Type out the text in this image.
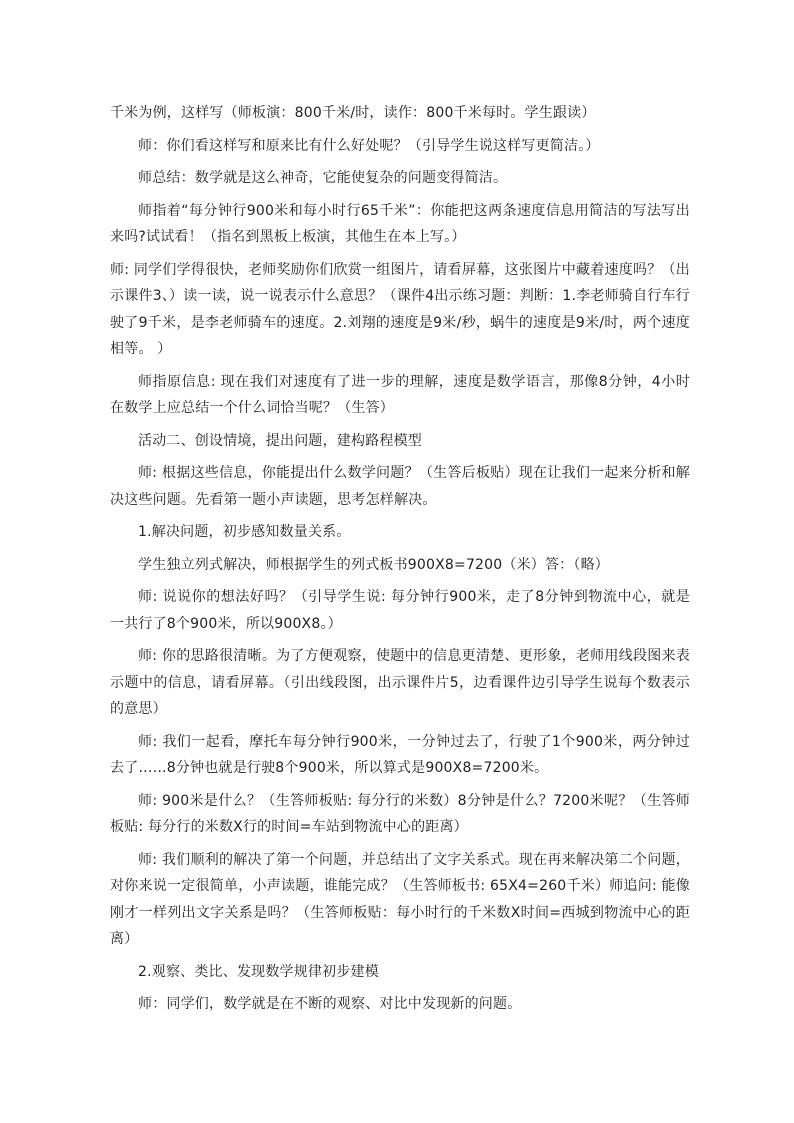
千米为例，这样写（师板演：800千米/时，读作：800千米每时。学生跟读）

师：你们看这样写和原来比有什么好处呢？（引导学生说这样写更简洁。）

师总结：数学就是这么神奇，它能使复杂的问题变得简洁。

师指着“每分钟行900米和每小时行65千米”：你能把这两条速度信息用简洁的写法写出来吗?试试看！（指名到黑板上板演，其他生在本上写。）

师: 同学们学得很快，老师奖励你们欣赏一组图片，请看屏幕，这张图片中藏着速度吗？（出示课件3、）读一读，说一说表示什么意思？（课件4出示练习题：判断：1.李老师骑自行车行驶了9千米，是李老师骑车的速度。2.刘翔的速度是9米/秒，蜗牛的速度是9米/时，两个速度相等。 ）

师指原信息: 现在我们对速度有了进一步的理解，速度是数学语言，那像8分钟，4小时在数学上应总结一个什么词恰当呢？（生答）

活动二、创设情境，提出问题，建构路程模型

师: 根据这些信息，你能提出什么数学问题？（生答后板贴）现在让我们一起来分析和解决这些问题。先看第一题小声读题，思考怎样解决。

1.解决问题，初步感知数量关系。

学生独立列式解决，师根据学生的列式板书900X8=7200（米）答：（略）

师: 说说你的想法好吗？（引导学生说: 每分钟行900米，走了8分钟到物流中心，就是一共行了8个900米，所以900X8。）

师: 你的思路很清晰。为了方便观察，使题中的信息更清楚、更形象，老师用线段图来表示题中的信息，请看屏幕。（引出线段图，出示课件片5，边看课件边引导学生说每个数表示的意思）

师: 我们一起看，摩托车每分钟行900米，一分钟过去了，行驶了1个900米，两分钟过去了……8分钟也就是行驶8个900米，所以算式是900X8=7200米。

师: 900米是什么？（生答师板贴: 每分行的米数）8分钟是什么？7200米呢？（生答师板贴: 每分行的米数X行的时间=车站到物流中心的距离）

师: 我们顺利的解决了第一个问题，并总结出了文字关系式。现在再来解决第二个问题，对你来说一定很简单，小声读题，谁能完成？（生答师板书: 65X4=260千米）师追问: 能像刚才一样列出文字关系是吗？（生答师板贴：每小时行的千米数X时间=西城到物流中心的距离）

2.观察、类比、发现数学规律初步建模

师：同学们，数学就是在不断的观察、对比中发现新的问题。
